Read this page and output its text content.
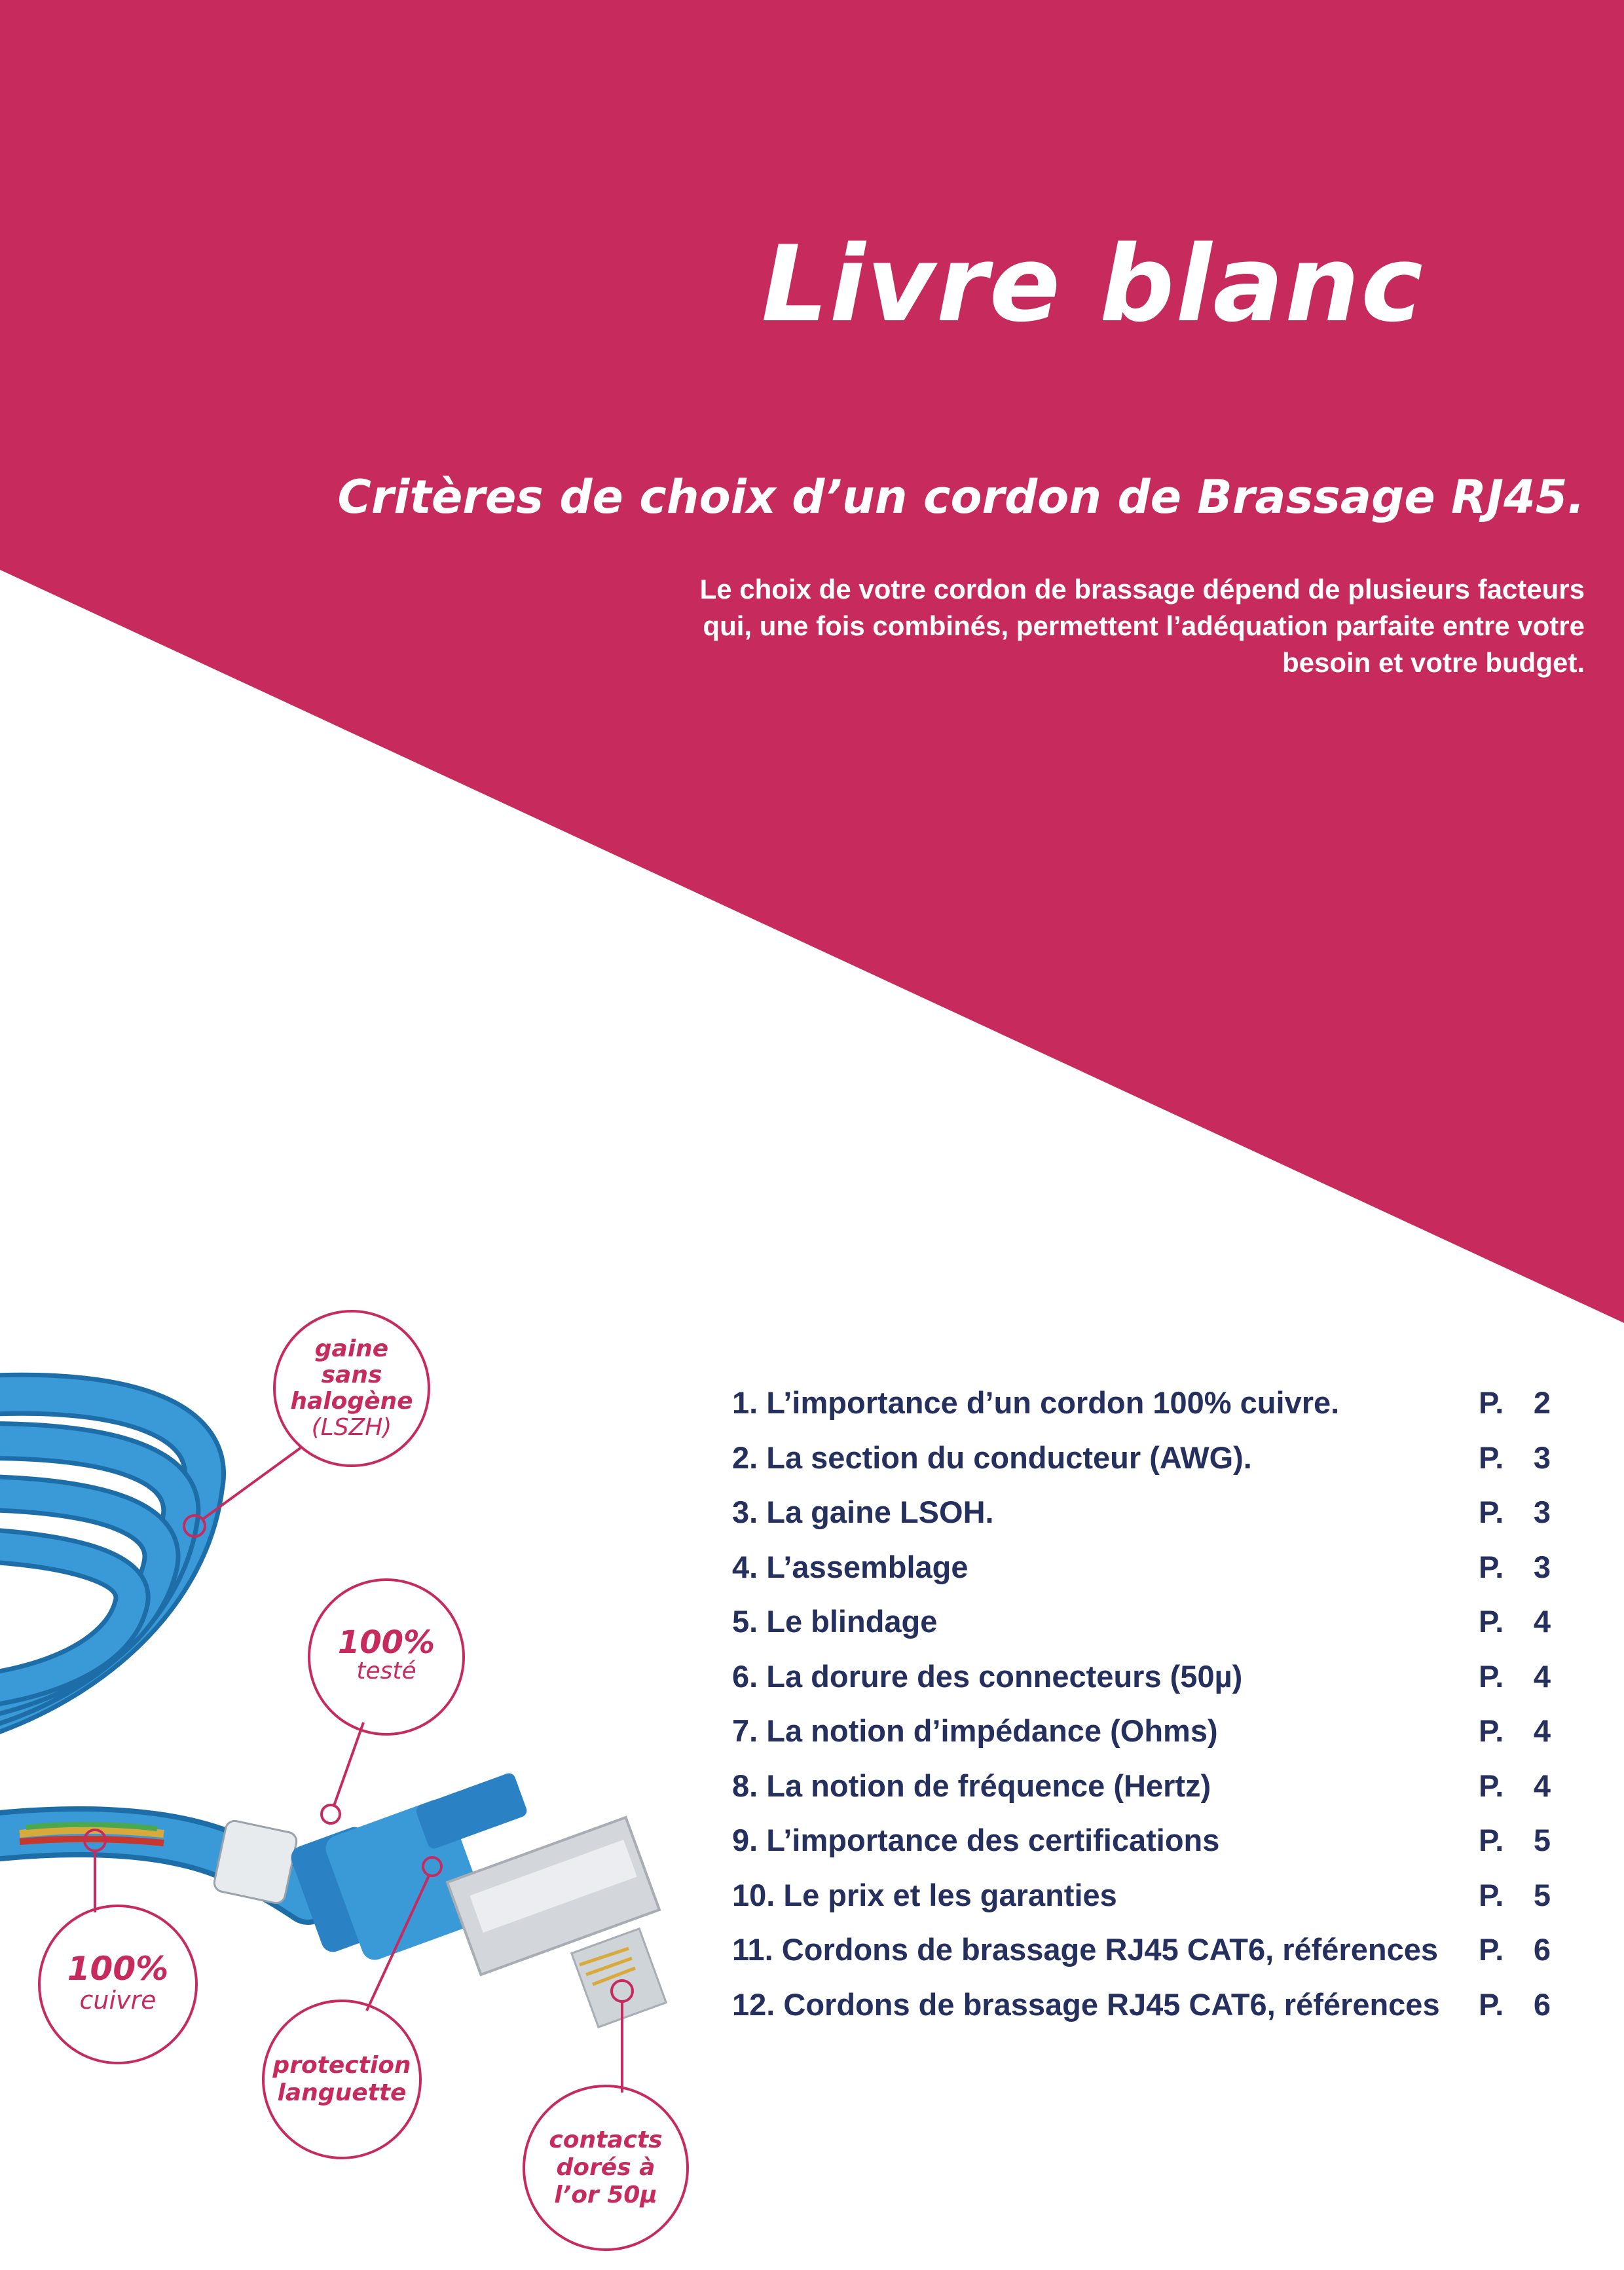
Livre blanc
Critères de choix d’un cordon de Brassage RJ45.

Le choix de votre cordon de brassage dépend de plusieurs facteurs qui, une fois combinés, permettent l’adéquation parfaite entre votre besoin et votre budget.

gaine
sans
halogène
(LSZH)
100%
testé
100%
cuivre
protection
languette
contacts
dorés à
l’or 50µ
1. L’importance d’un cordon 100% cuivre.	P. 2
2. La section du conducteur (AWG).	P. 3
3. La gaine LSOH.	P. 3
4. L’assemblage	P. 3
5. Le blindage	P. 4
6. La dorure des connecteurs (50µ)	P. 4
7. La notion d’impédance (Ohms)	P. 4
8. La notion de fréquence (Hertz)	P. 4
9. L’importance des certifications	P. 5
10. Le prix et les garanties	P. 5
11. Cordons de brassage RJ45 CAT6, références	P. 6
12. Cordons de brassage RJ45 CAT6, références	P. 6
